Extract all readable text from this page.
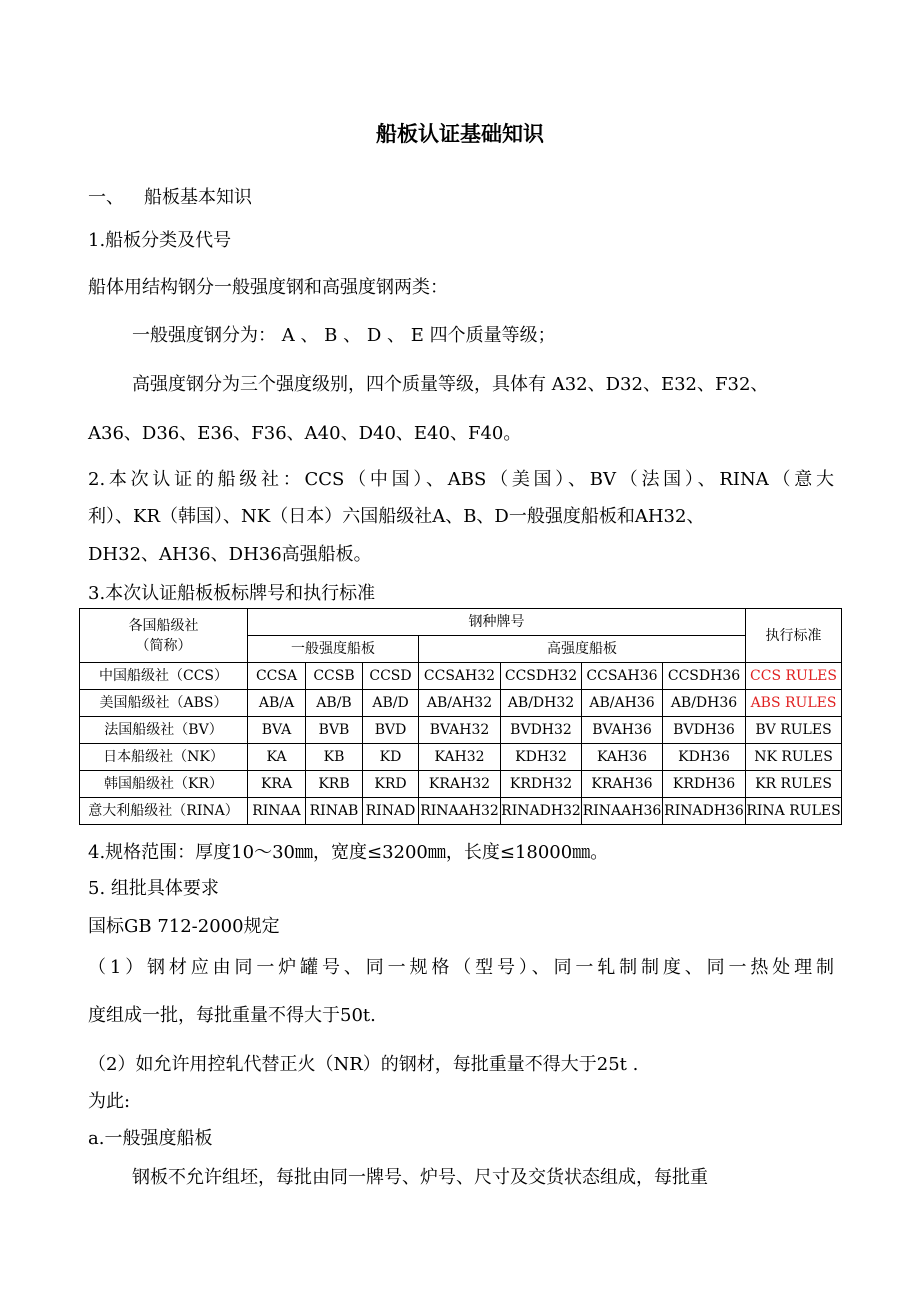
船板认证基础知识
一、 船板基本知识
1.船板分类及代号
船体用结构钢分一般强度钢和高强度钢两类：
一般强度钢分为： A 、 B 、 D 、 E 四个质量等级；
高强度钢分为三个强度级别，四个质量等级，具体有 A32、D32、E32、F32、
A36、D36、E36、F36、A40、D40、E40、F40。
2.本次认证的船级社：CCS（中国）、ABS（美国）、BV（法国）、RINA（意大
利）、KR（韩国）、NK（日本）六国船级社A、B、D一般强度船板和AH32、
DH32、AH36、DH36高强船板。
3.本次认证船板板标牌号和执行标准
各国船级社
（简称）	钢种牌号							执行标准
	一般强度船板			高强度船板				
中国船级社（CCS）	CCSA	CCSB	CCSD	CCSAH32	CCSDH32	CCSAH36	CCSDH36	CCS RULES
美国船级社（ABS）	AB/A	AB/B	AB/D	AB/AH32	AB/DH32	AB/AH36	AB/DH36	ABS RULES
法国船级社（BV）	BVA	BVB	BVD	BVAH32	BVDH32	BVAH36	BVDH36	BV RULES
日本船级社（NK）	KA	KB	KD	KAH32	KDH32	KAH36	KDH36	NK RULES
韩国船级社（KR）	KRA	KRB	KRD	KRAH32	KRDH32	KRAH36	KRDH36	KR RULES
意大利船级社（RINA）	RINAA	RINAB	RINAD	RINAAH32	RINADH32	RINAAH36	RINADH36	RINA RULES
4.规格范围：厚度10～30㎜，宽度≤3200㎜，长度≤18000㎜。
5. 组批具体要求
国标GB 712-2000规定
（1）钢材应由同一炉罐号、同一规格（型号）、同一轧制制度、同一热处理制
度组成一批，每批重量不得大于50t.
（2）如允许用控轧代替正火（NR）的钢材，每批重量不得大于25t .
为此:
a.一般强度船板
钢板不允许组坯，每批由同一牌号、炉号、尺寸及交货状态组成，每批重
